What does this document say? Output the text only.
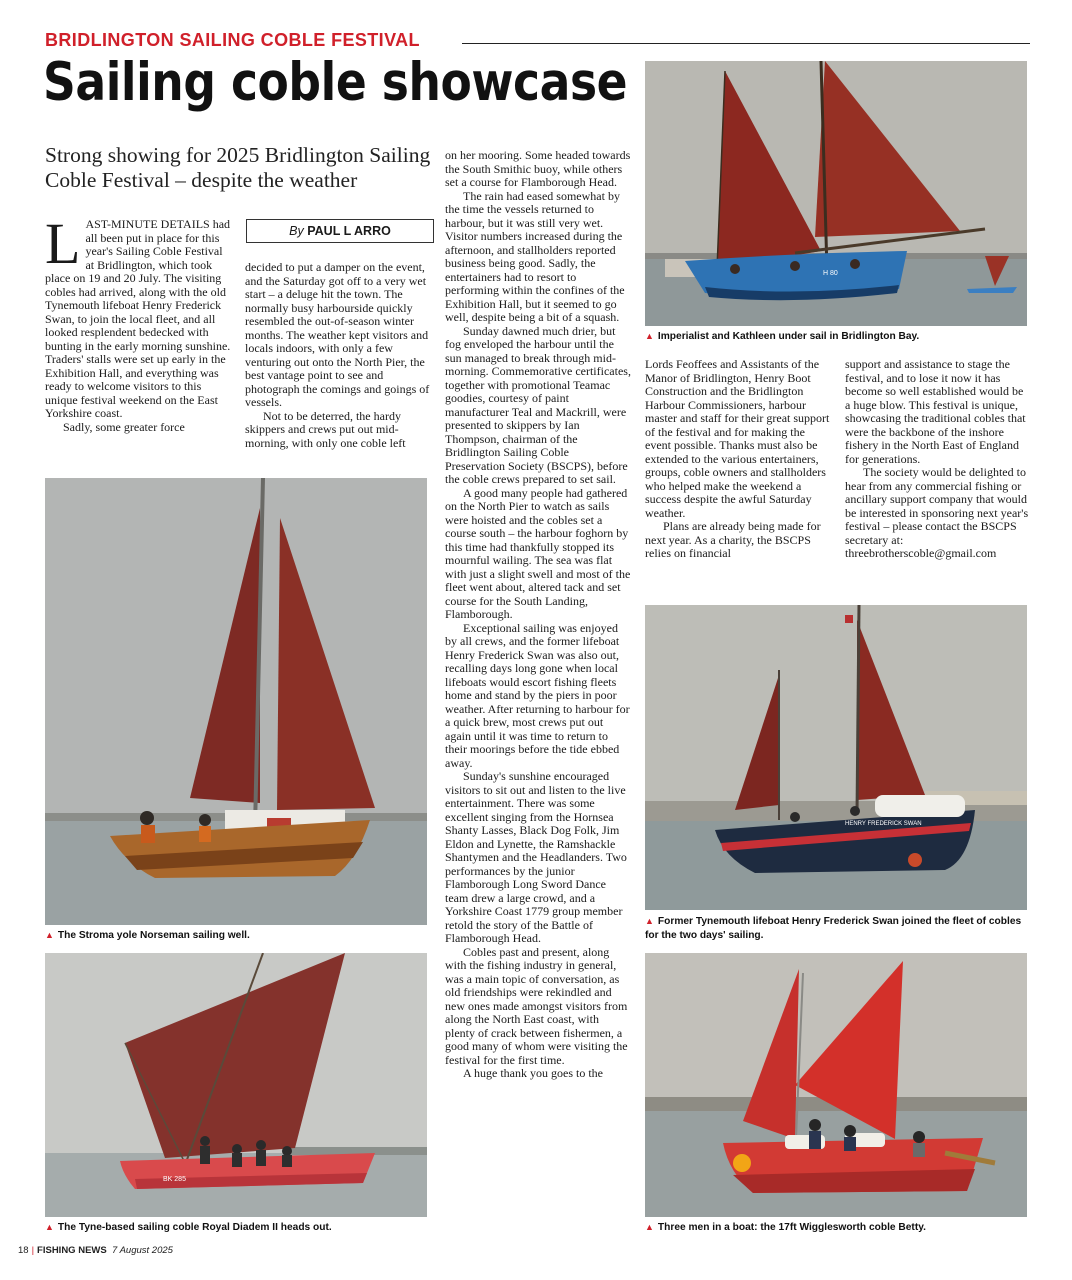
BRIDLINGTON SAILING COBLE FESTIVAL
Sailing coble showcase
Strong showing for 2025 Bridlington Sailing Coble Festival – despite the weather
By PAUL L ARRO

LAST-MINUTE DETAILS had all been put in place for this year's Sailing Coble Festival at Bridlington, which took place on 19 and 20 July. The visiting cobles had arrived, along with the old Tynemouth lifeboat Henry Frederick Swan, to join the local fleet, and all looked resplendent bedecked with bunting in the early morning sunshine. Traders' stalls were set up early in the Exhibition Hall, and everything was ready to welcome visitors to this unique festival weekend on the East Yorkshire coast.

Sadly, some greater force

decided to put a damper on the event, and the Saturday got off to a very wet start – a deluge hit the town. The normally busy harbourside quickly resembled the out-of-season winter months. The weather kept visitors and locals indoors, with only a few venturing out onto the North Pier, the best vantage point to see and photograph the comings and goings of vessels.

Not to be deterred, the hardy skippers and crews put out mid-morning, with only one coble left

on her mooring. Some headed towards the South Smithic buoy, while others set a course for Flamborough Head.

The rain had eased somewhat by the time the vessels returned to harbour, but it was still very wet. Visitor numbers increased during the afternoon, and stallholders reported business being good. Sadly, the entertainers had to resort to performing within the confines of the Exhibition Hall, but it seemed to go well, despite being a bit of a squash.

Sunday dawned much drier, but fog enveloped the harbour until the sun managed to break through mid-morning. Commemorative certificates, together with promotional Teamac goodies, courtesy of paint manufacturer Teal and Mackrill, were presented to skippers by Ian Thompson, chairman of the Bridlington Sailing Coble Preservation Society (BSCPS), before the coble crews prepared to set sail.

A good many people had gathered on the North Pier to watch as sails were hoisted and the cobles set a course south – the harbour foghorn by this time had thankfully stopped its mournful wailing. The sea was flat with just a slight swell and most of the fleet went about, altered tack and set course for the South Landing, Flamborough.

Exceptional sailing was enjoyed by all crews, and the former lifeboat Henry Frederick Swan was also out, recalling days long gone when local lifeboats would escort fishing fleets home and stand by the piers in poor weather. After returning to harbour for a quick brew, most crews put out again until it was time to return to their moorings before the tide ebbed away.

Sunday's sunshine encouraged visitors to sit out and listen to the live entertainment. There was some excellent singing from the Hornsea Shanty Lasses, Black Dog Folk, Jim Eldon and Lynette, the Ramshackle Shantymen and the Headlanders. Two performances by the junior Flamborough Long Sword Dance team drew a large crowd, and a Yorkshire Coast 1779 group member retold the story of the Battle of Flamborough Head.

Cobles past and present, along with the fishing industry in general, was a main topic of conversation, as old friendships were rekindled and new ones made amongst visitors from along the North East coast, with plenty of crack between fishermen, a good many of whom were visiting the festival for the first time.

A huge thank you goes to the

Lords Feoffees and Assistants of the Manor of Bridlington, Henry Boot Construction and the Bridlington Harbour Commissioners, harbour master and staff for their great support of the festival and for making the event possible. Thanks must also be extended to the various entertainers, groups, coble owners and stallholders who helped make the weekend a success despite the awful Saturday weather.

Plans are already being made for next year. As a charity, the BSCPS relies on financial

support and assistance to stage the festival, and to lose it now it has become so well established would be a huge blow. This festival is unique, showcasing the traditional cobles that were the backbone of the inshore fishery in the North East of England for generations.

The society would be delighted to hear from any commercial fishing or ancillary support company that would be interested in sponsoring next year's festival – please contact the BSCPS secretary at: threebrotherscoble@gmail.com

H 80
▲ Imperialist and Kathleen under sail in Bridlington Bay.
▲ The Stroma yole Norseman sailing well.
BK 285
▲ The Tyne-based sailing coble Royal Diadem II heads out.
HENRY FREDERICK SWAN
▲ Former Tynemouth lifeboat Henry Frederick Swan joined the fleet of cobles for the two days' sailing.
▲ Three men in a boat: the 17ft Wigglesworth coble Betty.
18 | FISHING NEWS 7 August 2025
